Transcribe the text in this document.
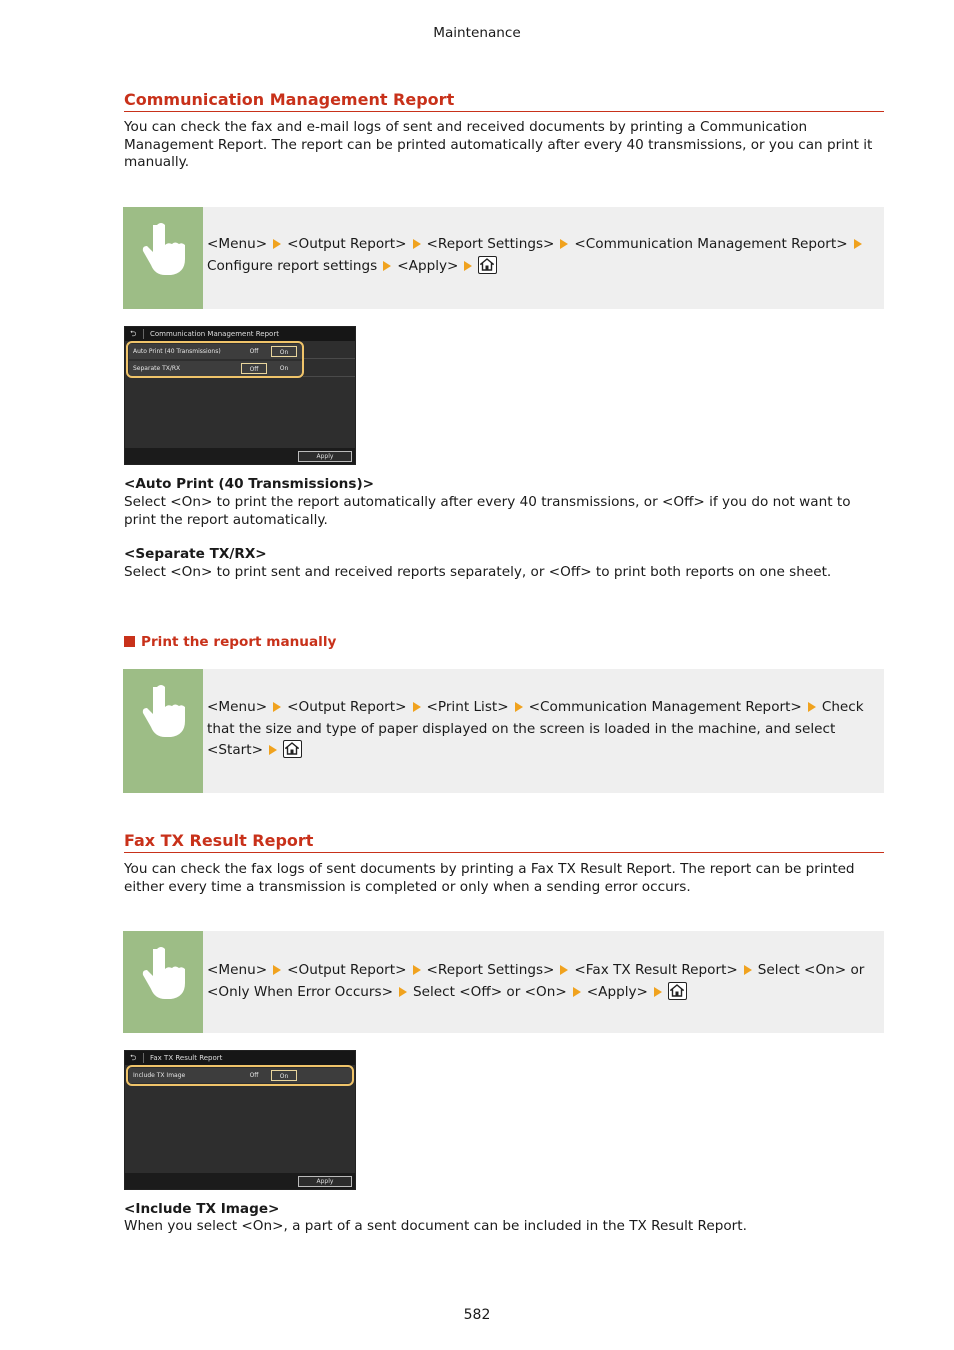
Maintenance
Communication Management Report
You can check the fax and e-mail logs of sent and received documents by printing a Communication Management Report. The report can be printed automatically after every 40 transmissions, or you can print it manually.
<Menu> <Output Report> <Report Settings> <Communication Management Report>Configure report settings <Apply>
⮌ Communication Management Report
Auto Print (40 Transmissions)	Off	On
Separate TX/RX	Off	On
Apply
<Auto Print (40 Transmissions)>
Select <On> to print the report automatically after every 40 transmissions, or <Off> if you do not want to print the report automatically.
<Separate TX/RX>
Select <On> to print sent and received reports separately, or <Off> to print both reports on one sheet.
Print the report manually
<Menu> <Output Report> <Print List> <Communication Management Report> Check that the size and type of paper displayed on the screen is loaded in the machine, and select
<Start>
Fax TX Result Report
You can check the fax logs of sent documents by printing a Fax TX Result Report. The report can be printed either every time a transmission is completed or only when a sending error occurs.
<Menu> <Output Report> <Report Settings> <Fax TX Result Report> Select <On> or <Only When Error Occurs> Select <Off> or <On> <Apply>
⮌ Fax TX Result Report
Include TX Image	Off	On
Apply
<Include TX Image>
When you select <On>, a part of a sent document can be included in the TX Result Report.
582
